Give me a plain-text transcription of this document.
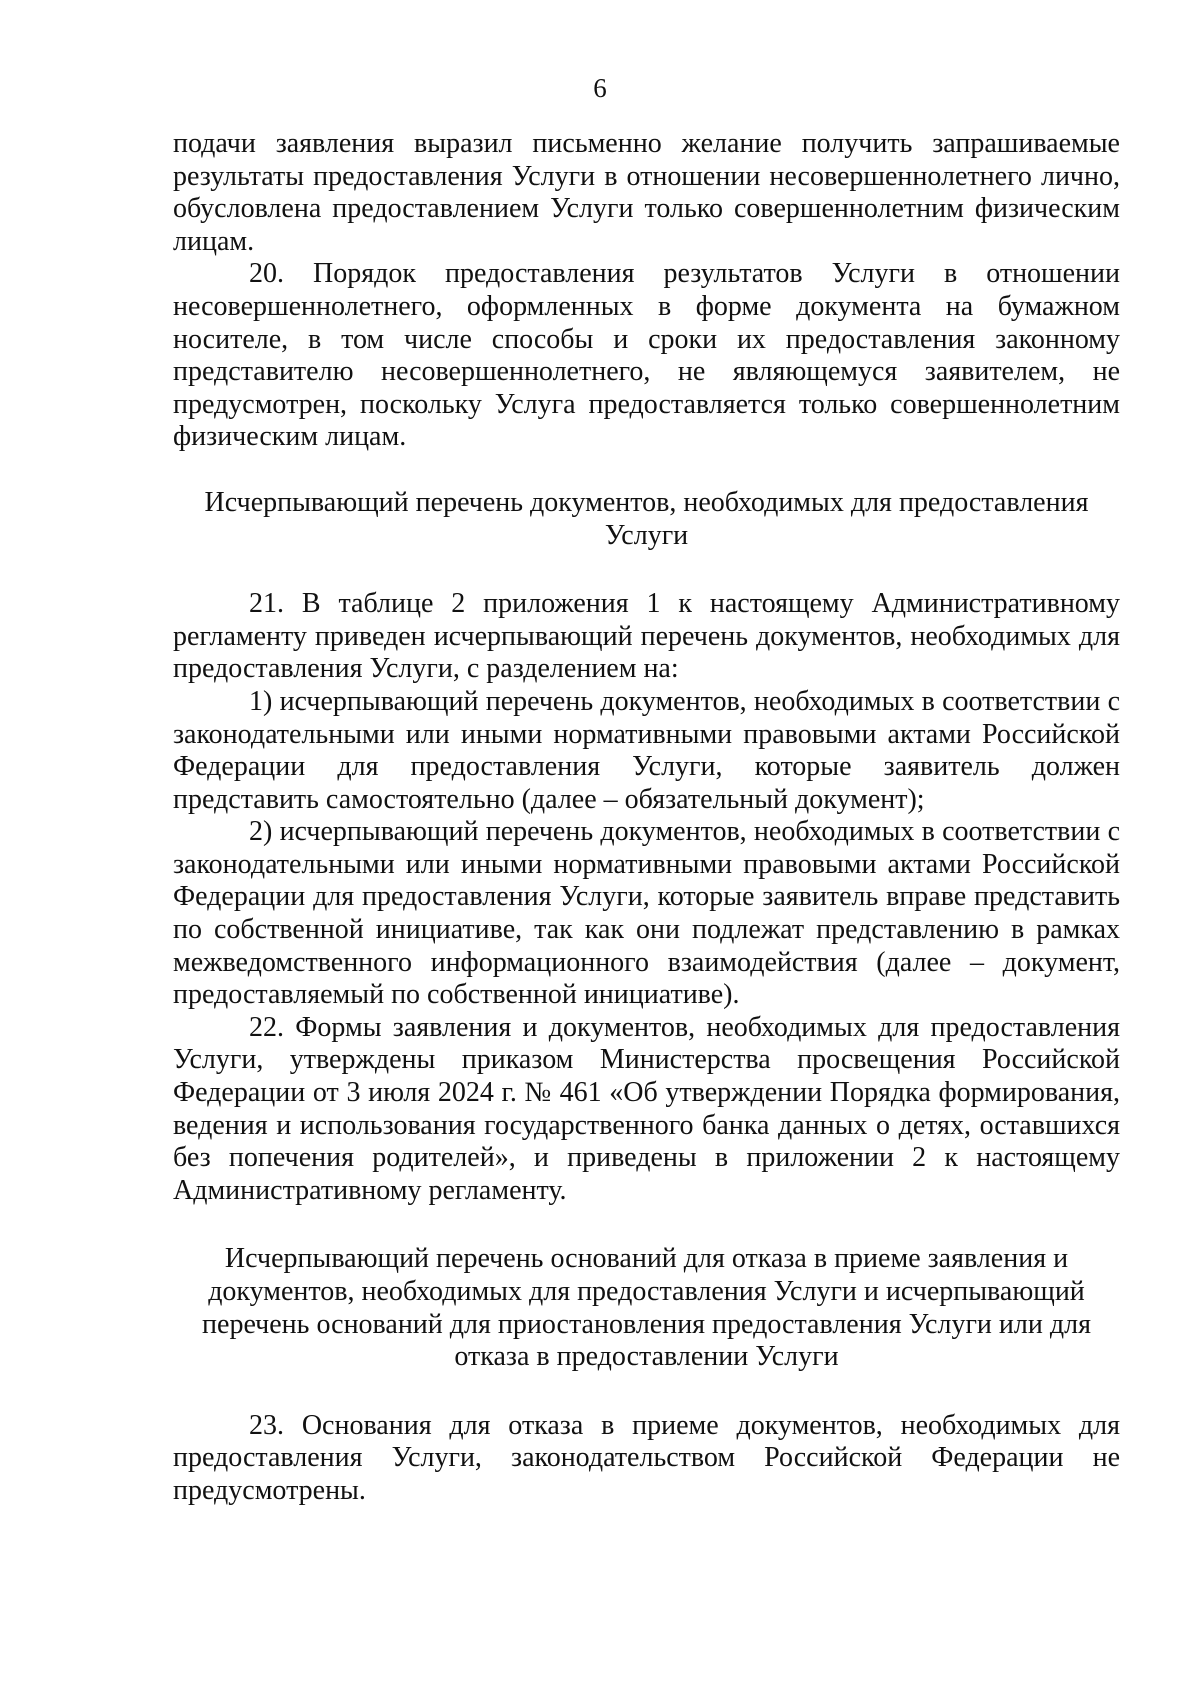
6

подачи заявления выразил письменно желание получить запрашиваемые результаты предоставления Услуги в отношении несовершеннолетнего лично, обусловлена предоставлением Услуги только совершеннолетним физическим лицам.

20. Порядок предоставления результатов Услуги в отношении несовершеннолетнего, оформленных в форме документа на бумажном носителе, в том числе способы и сроки их предоставления законному представителю несовершеннолетнего, не являющемуся заявителем, не предусмотрен, поскольку Услуга предоставляется только совершеннолетним физическим лицам.

Исчерпывающий перечень документов, необходимых для предоставления Услуги

21. В таблице 2 приложения 1 к настоящему Административному регламенту приведен исчерпывающий перечень документов, необходимых для предоставления Услуги, с разделением на:

1) исчерпывающий перечень документов, необходимых в соответствии с законодательными или иными нормативными правовыми актами Российской Федерации для предоставления Услуги, которые заявитель должен представить самостоятельно (далее – обязательный документ);

2) исчерпывающий перечень документов, необходимых в соответствии с законодательными или иными нормативными правовыми актами Российской Федерации для предоставления Услуги, которые заявитель вправе представить по собственной инициативе, так как они подлежат представлению в рамках межведомственного информационного взаимодействия (далее – документ, предоставляемый по собственной инициативе).

22. Формы заявления и документов, необходимых для предоставления Услуги, утверждены приказом Министерства просвещения Российской Федерации от 3 июля 2024 г. № 461 «Об утверждении Порядка формирования, ведения и использования государственного банка данных о детях, оставшихся без попечения родителей», и приведены в приложении 2 к настоящему Административному регламенту.

Исчерпывающий перечень оснований для отказа в приеме заявления и документов, необходимых для предоставления Услуги и исчерпывающий перечень оснований для приостановления предоставления Услуги или для отказа в предоставлении Услуги

23. Основания для отказа в приеме документов, необходимых для предоставления Услуги, законодательством Российской Федерации не предусмотрены.
